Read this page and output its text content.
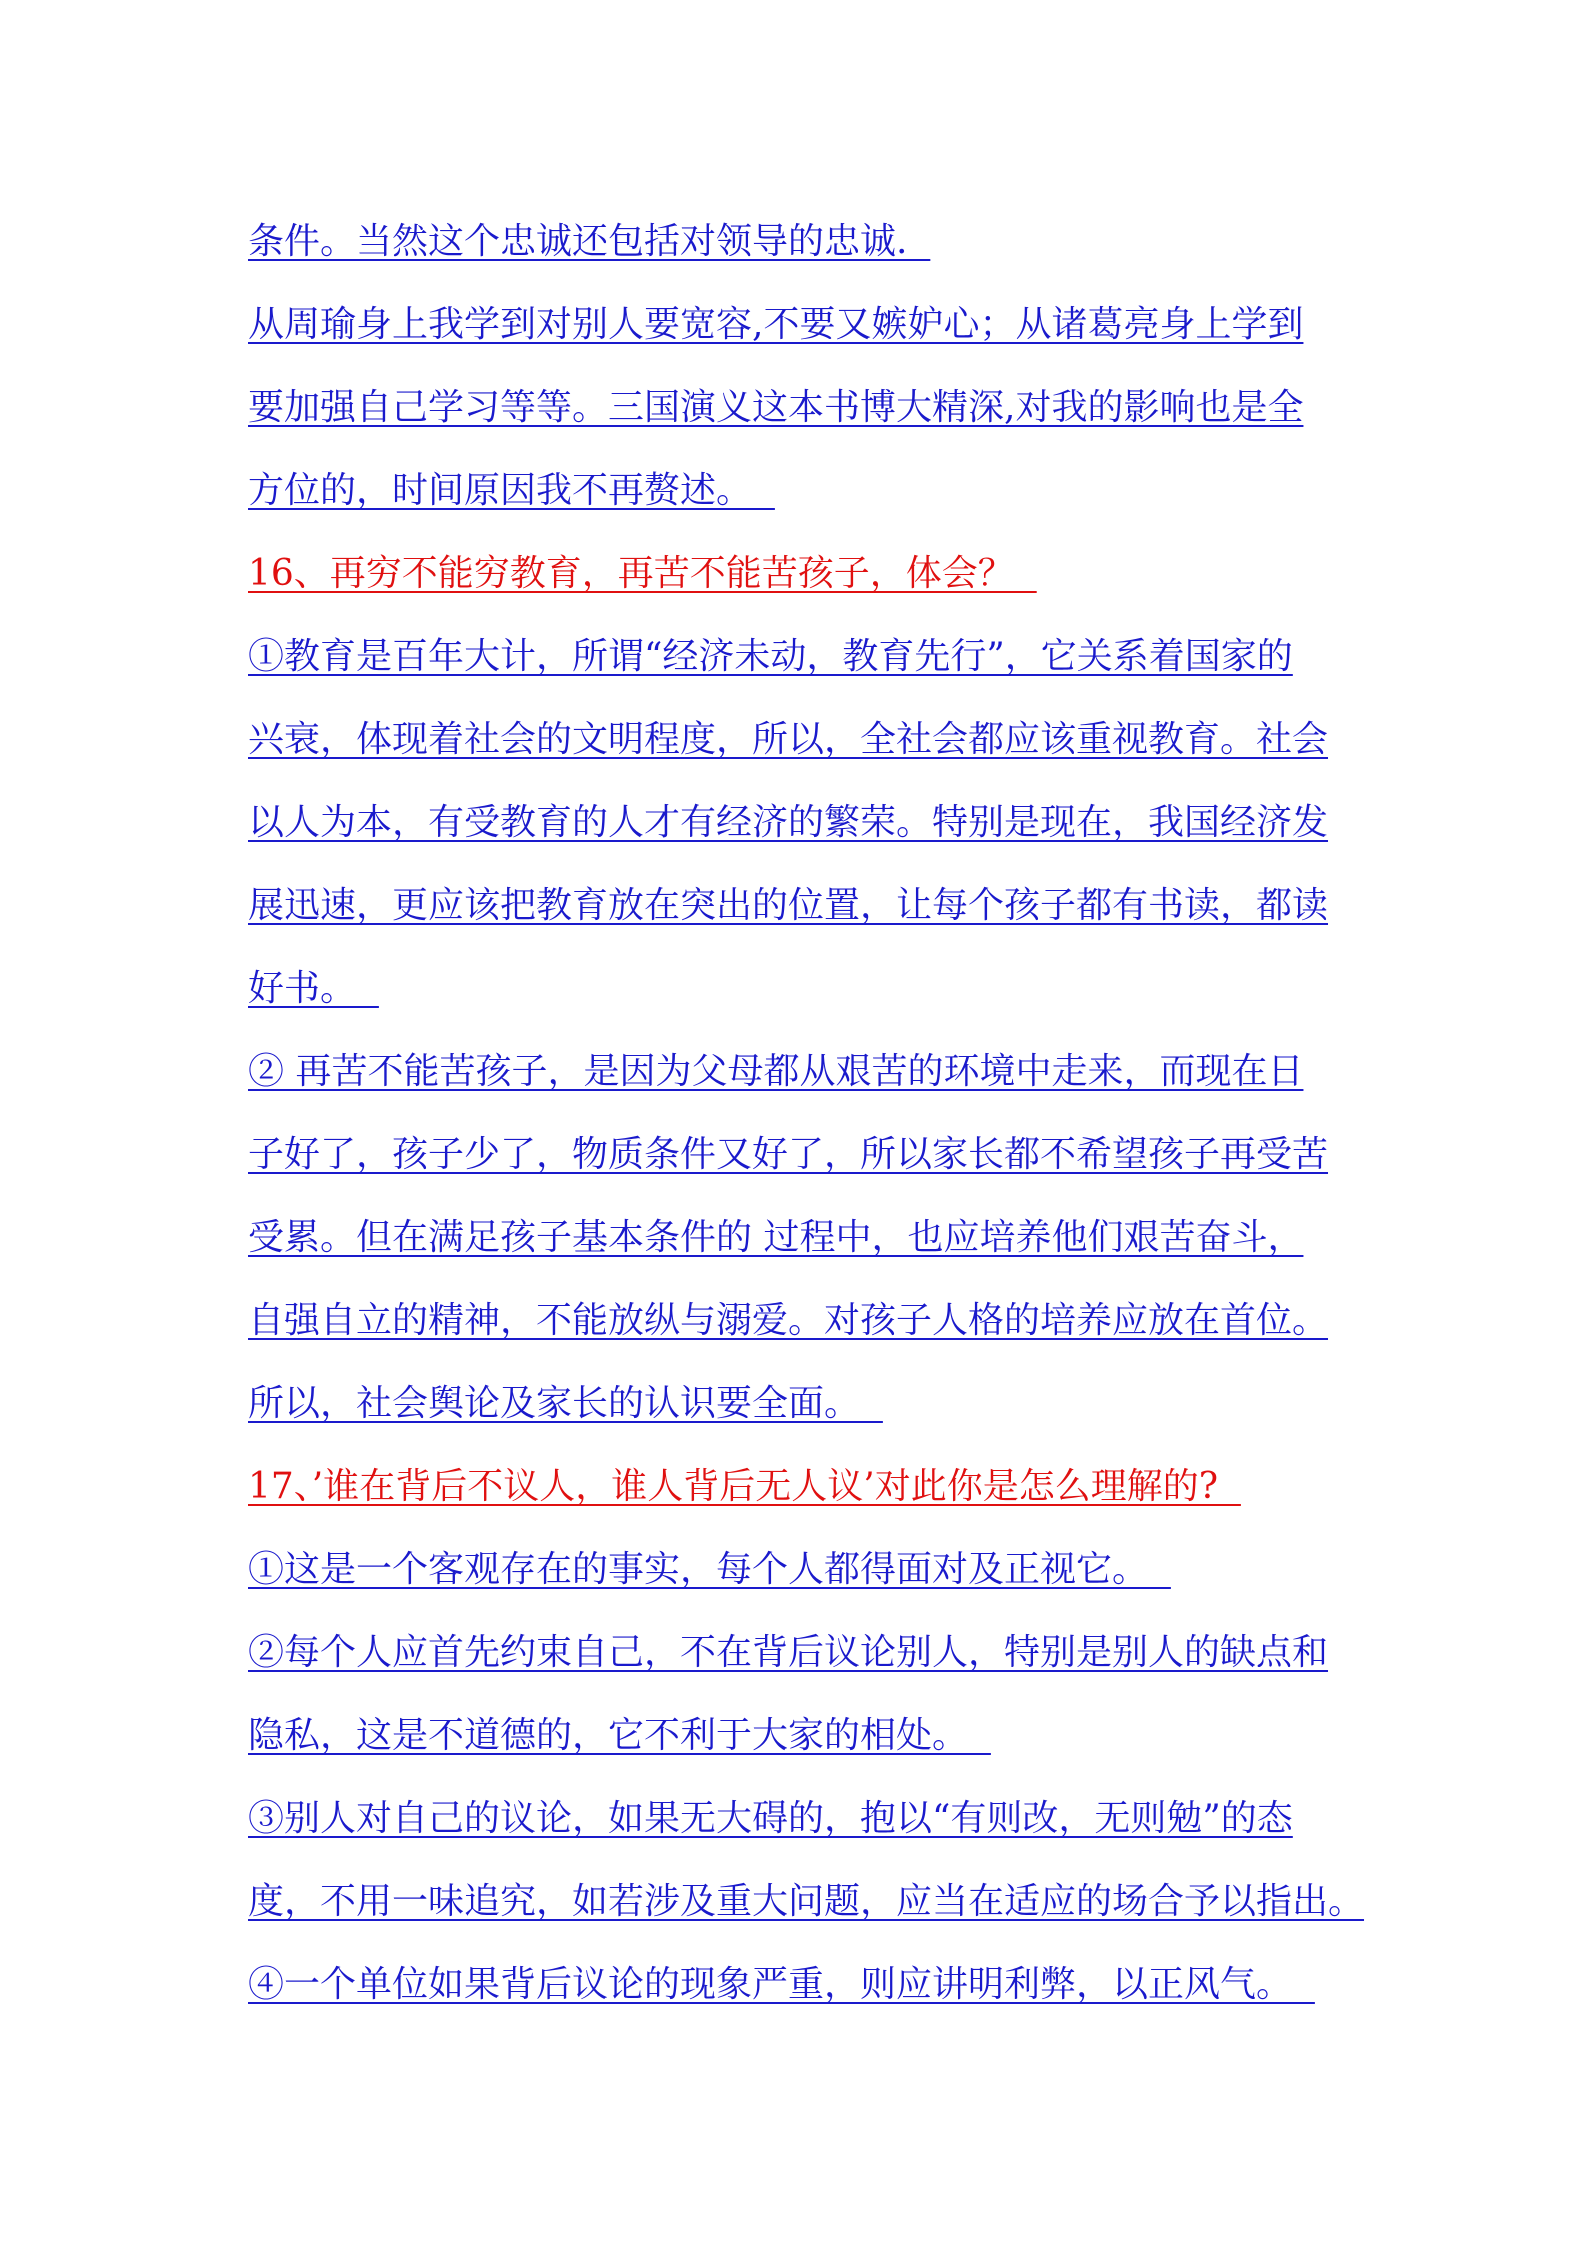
条件。当然这个忠诚还包括对领导的忠诚.
从周瑜身上我学到对别人要宽容,不要又嫉妒心；从诸葛亮身上学到
要加强自己学习等等。三国演义这本书博大精深,对我的影响也是全
方位的，时间原因我不再赘述。
16、再穷不能穷教育，再苦不能苦孩子，体会？
①教育是百年大计，所谓“经济未动，教育先行”，它关系着国家的
兴衰，体现着社会的文明程度，所以，全社会都应该重视教育。社会
以人为本，有受教育的人才有经济的繁荣。特别是现在，我国经济发
展迅速，更应该把教育放在突出的位置，让每个孩子都有书读，都读
好书。
② 再苦不能苦孩子，是因为父母都从艰苦的环境中走来，而现在日
子好了，孩子少了，物质条件又好了，所以家长都不希望孩子再受苦
受累。但在满足孩子基本条件的 过程中，也应培养他们艰苦奋斗，
自强自立的精神，不能放纵与溺爱。对孩子人格的培养应放在首位。
所以，社会舆论及家长的认识要全面。
17、’谁在背后不议人，谁人背后无人议’对此你是怎么理解的?
①这是一个客观存在的事实，每个人都得面对及正视它。
②每个人应首先约束自己，不在背后议论别人，特别是别人的缺点和
隐私，这是不道德的，它不利于大家的相处。
③别人对自己的议论，如果无大碍的，抱以“有则改，无则勉”的态
度，不用一味追究，如若涉及重大问题，应当在适应的场合予以指出。
④一个单位如果背后议论的现象严重，则应讲明利弊，以正风气。
